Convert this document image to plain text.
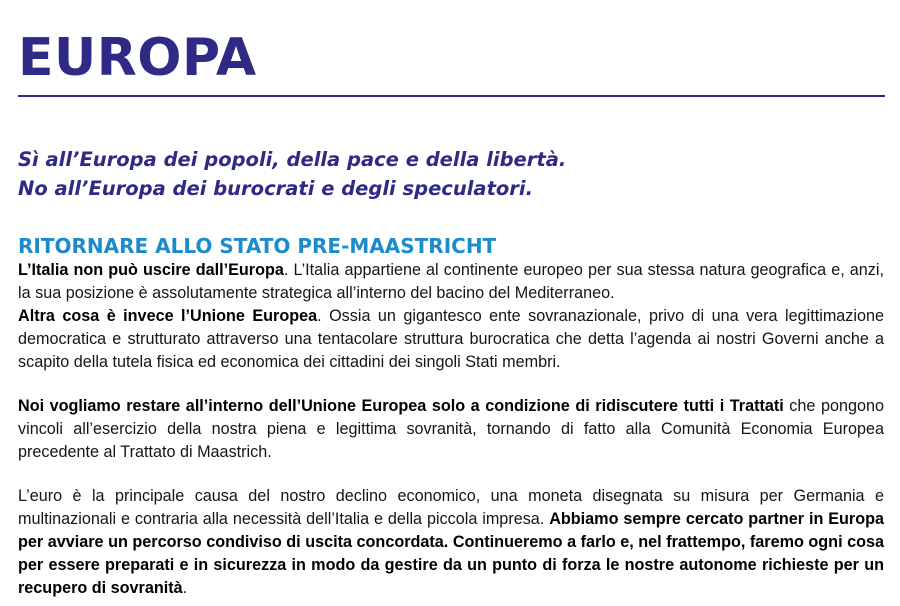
EUROPA
Sì all’Europa dei popoli, della pace e della libertà.
No all’Europa dei burocrati e degli speculatori.
RITORNARE ALLO STATO PRE-MAASTRICHT

L’Italia non può uscire dall’Europa. L’Italia appartiene al continente europeo per sua stessa natura geografica e, anzi, la sua posizione è assolutamente strategica all’interno del bacino del Mediterraneo.

Altra cosa è invece l’Unione Europea. Ossia un gigantesco ente sovranazionale, privo di una vera legittimazione democratica e strutturato attraverso una tentacolare struttura burocratica che detta l’agenda ai nostri Governi anche a scapito della tutela fisica ed economica dei cittadini dei singoli Stati membri.

Noi vogliamo restare all’interno dell’Unione Europea solo a condizione di ridiscutere tutti i Trattati che pongono vincoli all’esercizio della nostra piena e legittima sovranità, tornando di fatto alla Comunità Economia Europea precedente al Trattato di Maastrich.

L’euro è la principale causa del nostro declino economico, una moneta disegnata su misura per Germania e multinazionali e contraria alla necessità dell’Italia e della piccola impresa. Abbiamo sempre cercato partner in Europa per avviare un percorso condiviso di uscita concordata. Continueremo a farlo e, nel frattempo, faremo ogni cosa per essere preparati e in sicurezza in modo da gestire da un punto di forza le nostre autonome richieste per un recupero di sovranità.
